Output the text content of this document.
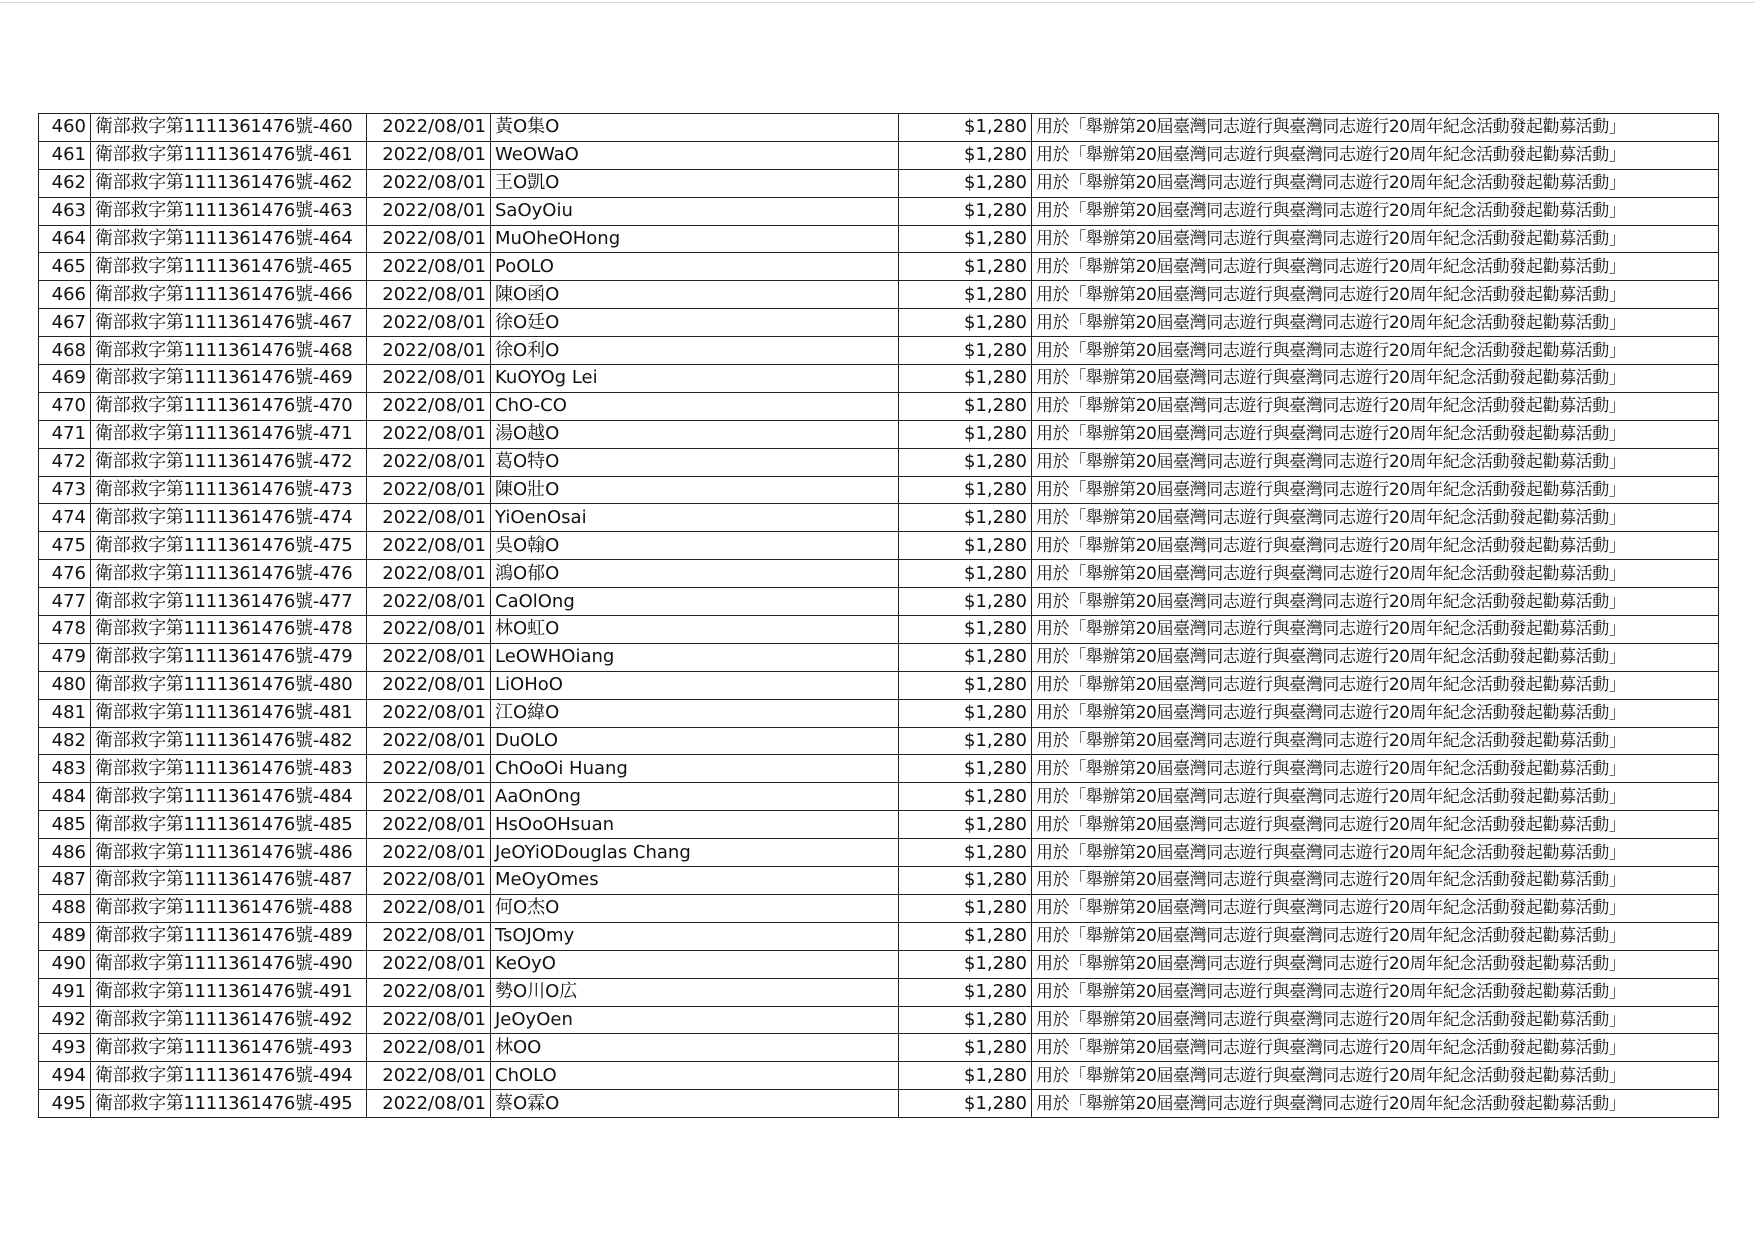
460	衛部救字第1111361476號-460	2022/08/01	黃O集O	$1,280	用於「舉辦第20屆臺灣同志遊行與臺灣同志遊行20周年紀念活動發起勸募活動」
461	衛部救字第1111361476號-461	2022/08/01	WeOWaO	$1,280	用於「舉辦第20屆臺灣同志遊行與臺灣同志遊行20周年紀念活動發起勸募活動」
462	衛部救字第1111361476號-462	2022/08/01	王O凱O	$1,280	用於「舉辦第20屆臺灣同志遊行與臺灣同志遊行20周年紀念活動發起勸募活動」
463	衛部救字第1111361476號-463	2022/08/01	SaOyOiu	$1,280	用於「舉辦第20屆臺灣同志遊行與臺灣同志遊行20周年紀念活動發起勸募活動」
464	衛部救字第1111361476號-464	2022/08/01	MuOheOHong	$1,280	用於「舉辦第20屆臺灣同志遊行與臺灣同志遊行20周年紀念活動發起勸募活動」
465	衛部救字第1111361476號-465	2022/08/01	PoOLO	$1,280	用於「舉辦第20屆臺灣同志遊行與臺灣同志遊行20周年紀念活動發起勸募活動」
466	衛部救字第1111361476號-466	2022/08/01	陳O函O	$1,280	用於「舉辦第20屆臺灣同志遊行與臺灣同志遊行20周年紀念活動發起勸募活動」
467	衛部救字第1111361476號-467	2022/08/01	徐O廷O	$1,280	用於「舉辦第20屆臺灣同志遊行與臺灣同志遊行20周年紀念活動發起勸募活動」
468	衛部救字第1111361476號-468	2022/08/01	徐O利O	$1,280	用於「舉辦第20屆臺灣同志遊行與臺灣同志遊行20周年紀念活動發起勸募活動」
469	衛部救字第1111361476號-469	2022/08/01	KuOYOg Lei	$1,280	用於「舉辦第20屆臺灣同志遊行與臺灣同志遊行20周年紀念活動發起勸募活動」
470	衛部救字第1111361476號-470	2022/08/01	ChO-CO	$1,280	用於「舉辦第20屆臺灣同志遊行與臺灣同志遊行20周年紀念活動發起勸募活動」
471	衛部救字第1111361476號-471	2022/08/01	湯O越O	$1,280	用於「舉辦第20屆臺灣同志遊行與臺灣同志遊行20周年紀念活動發起勸募活動」
472	衛部救字第1111361476號-472	2022/08/01	葛O特O	$1,280	用於「舉辦第20屆臺灣同志遊行與臺灣同志遊行20周年紀念活動發起勸募活動」
473	衛部救字第1111361476號-473	2022/08/01	陳O壯O	$1,280	用於「舉辦第20屆臺灣同志遊行與臺灣同志遊行20周年紀念活動發起勸募活動」
474	衛部救字第1111361476號-474	2022/08/01	YiOenOsai	$1,280	用於「舉辦第20屆臺灣同志遊行與臺灣同志遊行20周年紀念活動發起勸募活動」
475	衛部救字第1111361476號-475	2022/08/01	吳O翰O	$1,280	用於「舉辦第20屆臺灣同志遊行與臺灣同志遊行20周年紀念活動發起勸募活動」
476	衛部救字第1111361476號-476	2022/08/01	鴻O郁O	$1,280	用於「舉辦第20屆臺灣同志遊行與臺灣同志遊行20周年紀念活動發起勸募活動」
477	衛部救字第1111361476號-477	2022/08/01	CaOlOng	$1,280	用於「舉辦第20屆臺灣同志遊行與臺灣同志遊行20周年紀念活動發起勸募活動」
478	衛部救字第1111361476號-478	2022/08/01	林O虹O	$1,280	用於「舉辦第20屆臺灣同志遊行與臺灣同志遊行20周年紀念活動發起勸募活動」
479	衛部救字第1111361476號-479	2022/08/01	LeOWHOiang	$1,280	用於「舉辦第20屆臺灣同志遊行與臺灣同志遊行20周年紀念活動發起勸募活動」
480	衛部救字第1111361476號-480	2022/08/01	LiOHoO	$1,280	用於「舉辦第20屆臺灣同志遊行與臺灣同志遊行20周年紀念活動發起勸募活動」
481	衛部救字第1111361476號-481	2022/08/01	江O緯O	$1,280	用於「舉辦第20屆臺灣同志遊行與臺灣同志遊行20周年紀念活動發起勸募活動」
482	衛部救字第1111361476號-482	2022/08/01	DuOLO	$1,280	用於「舉辦第20屆臺灣同志遊行與臺灣同志遊行20周年紀念活動發起勸募活動」
483	衛部救字第1111361476號-483	2022/08/01	ChOoOi Huang	$1,280	用於「舉辦第20屆臺灣同志遊行與臺灣同志遊行20周年紀念活動發起勸募活動」
484	衛部救字第1111361476號-484	2022/08/01	AaOnOng	$1,280	用於「舉辦第20屆臺灣同志遊行與臺灣同志遊行20周年紀念活動發起勸募活動」
485	衛部救字第1111361476號-485	2022/08/01	HsOoOHsuan	$1,280	用於「舉辦第20屆臺灣同志遊行與臺灣同志遊行20周年紀念活動發起勸募活動」
486	衛部救字第1111361476號-486	2022/08/01	JeOYiODouglas Chang	$1,280	用於「舉辦第20屆臺灣同志遊行與臺灣同志遊行20周年紀念活動發起勸募活動」
487	衛部救字第1111361476號-487	2022/08/01	MeOyOmes	$1,280	用於「舉辦第20屆臺灣同志遊行與臺灣同志遊行20周年紀念活動發起勸募活動」
488	衛部救字第1111361476號-488	2022/08/01	何O杰O	$1,280	用於「舉辦第20屆臺灣同志遊行與臺灣同志遊行20周年紀念活動發起勸募活動」
489	衛部救字第1111361476號-489	2022/08/01	TsOJOmy	$1,280	用於「舉辦第20屆臺灣同志遊行與臺灣同志遊行20周年紀念活動發起勸募活動」
490	衛部救字第1111361476號-490	2022/08/01	KeOyO	$1,280	用於「舉辦第20屆臺灣同志遊行與臺灣同志遊行20周年紀念活動發起勸募活動」
491	衛部救字第1111361476號-491	2022/08/01	勢O川O広	$1,280	用於「舉辦第20屆臺灣同志遊行與臺灣同志遊行20周年紀念活動發起勸募活動」
492	衛部救字第1111361476號-492	2022/08/01	JeOyOen	$1,280	用於「舉辦第20屆臺灣同志遊行與臺灣同志遊行20周年紀念活動發起勸募活動」
493	衛部救字第1111361476號-493	2022/08/01	林OO	$1,280	用於「舉辦第20屆臺灣同志遊行與臺灣同志遊行20周年紀念活動發起勸募活動」
494	衛部救字第1111361476號-494	2022/08/01	ChOLO	$1,280	用於「舉辦第20屆臺灣同志遊行與臺灣同志遊行20周年紀念活動發起勸募活動」
495	衛部救字第1111361476號-495	2022/08/01	蔡O霖O	$1,280	用於「舉辦第20屆臺灣同志遊行與臺灣同志遊行20周年紀念活動發起勸募活動」
